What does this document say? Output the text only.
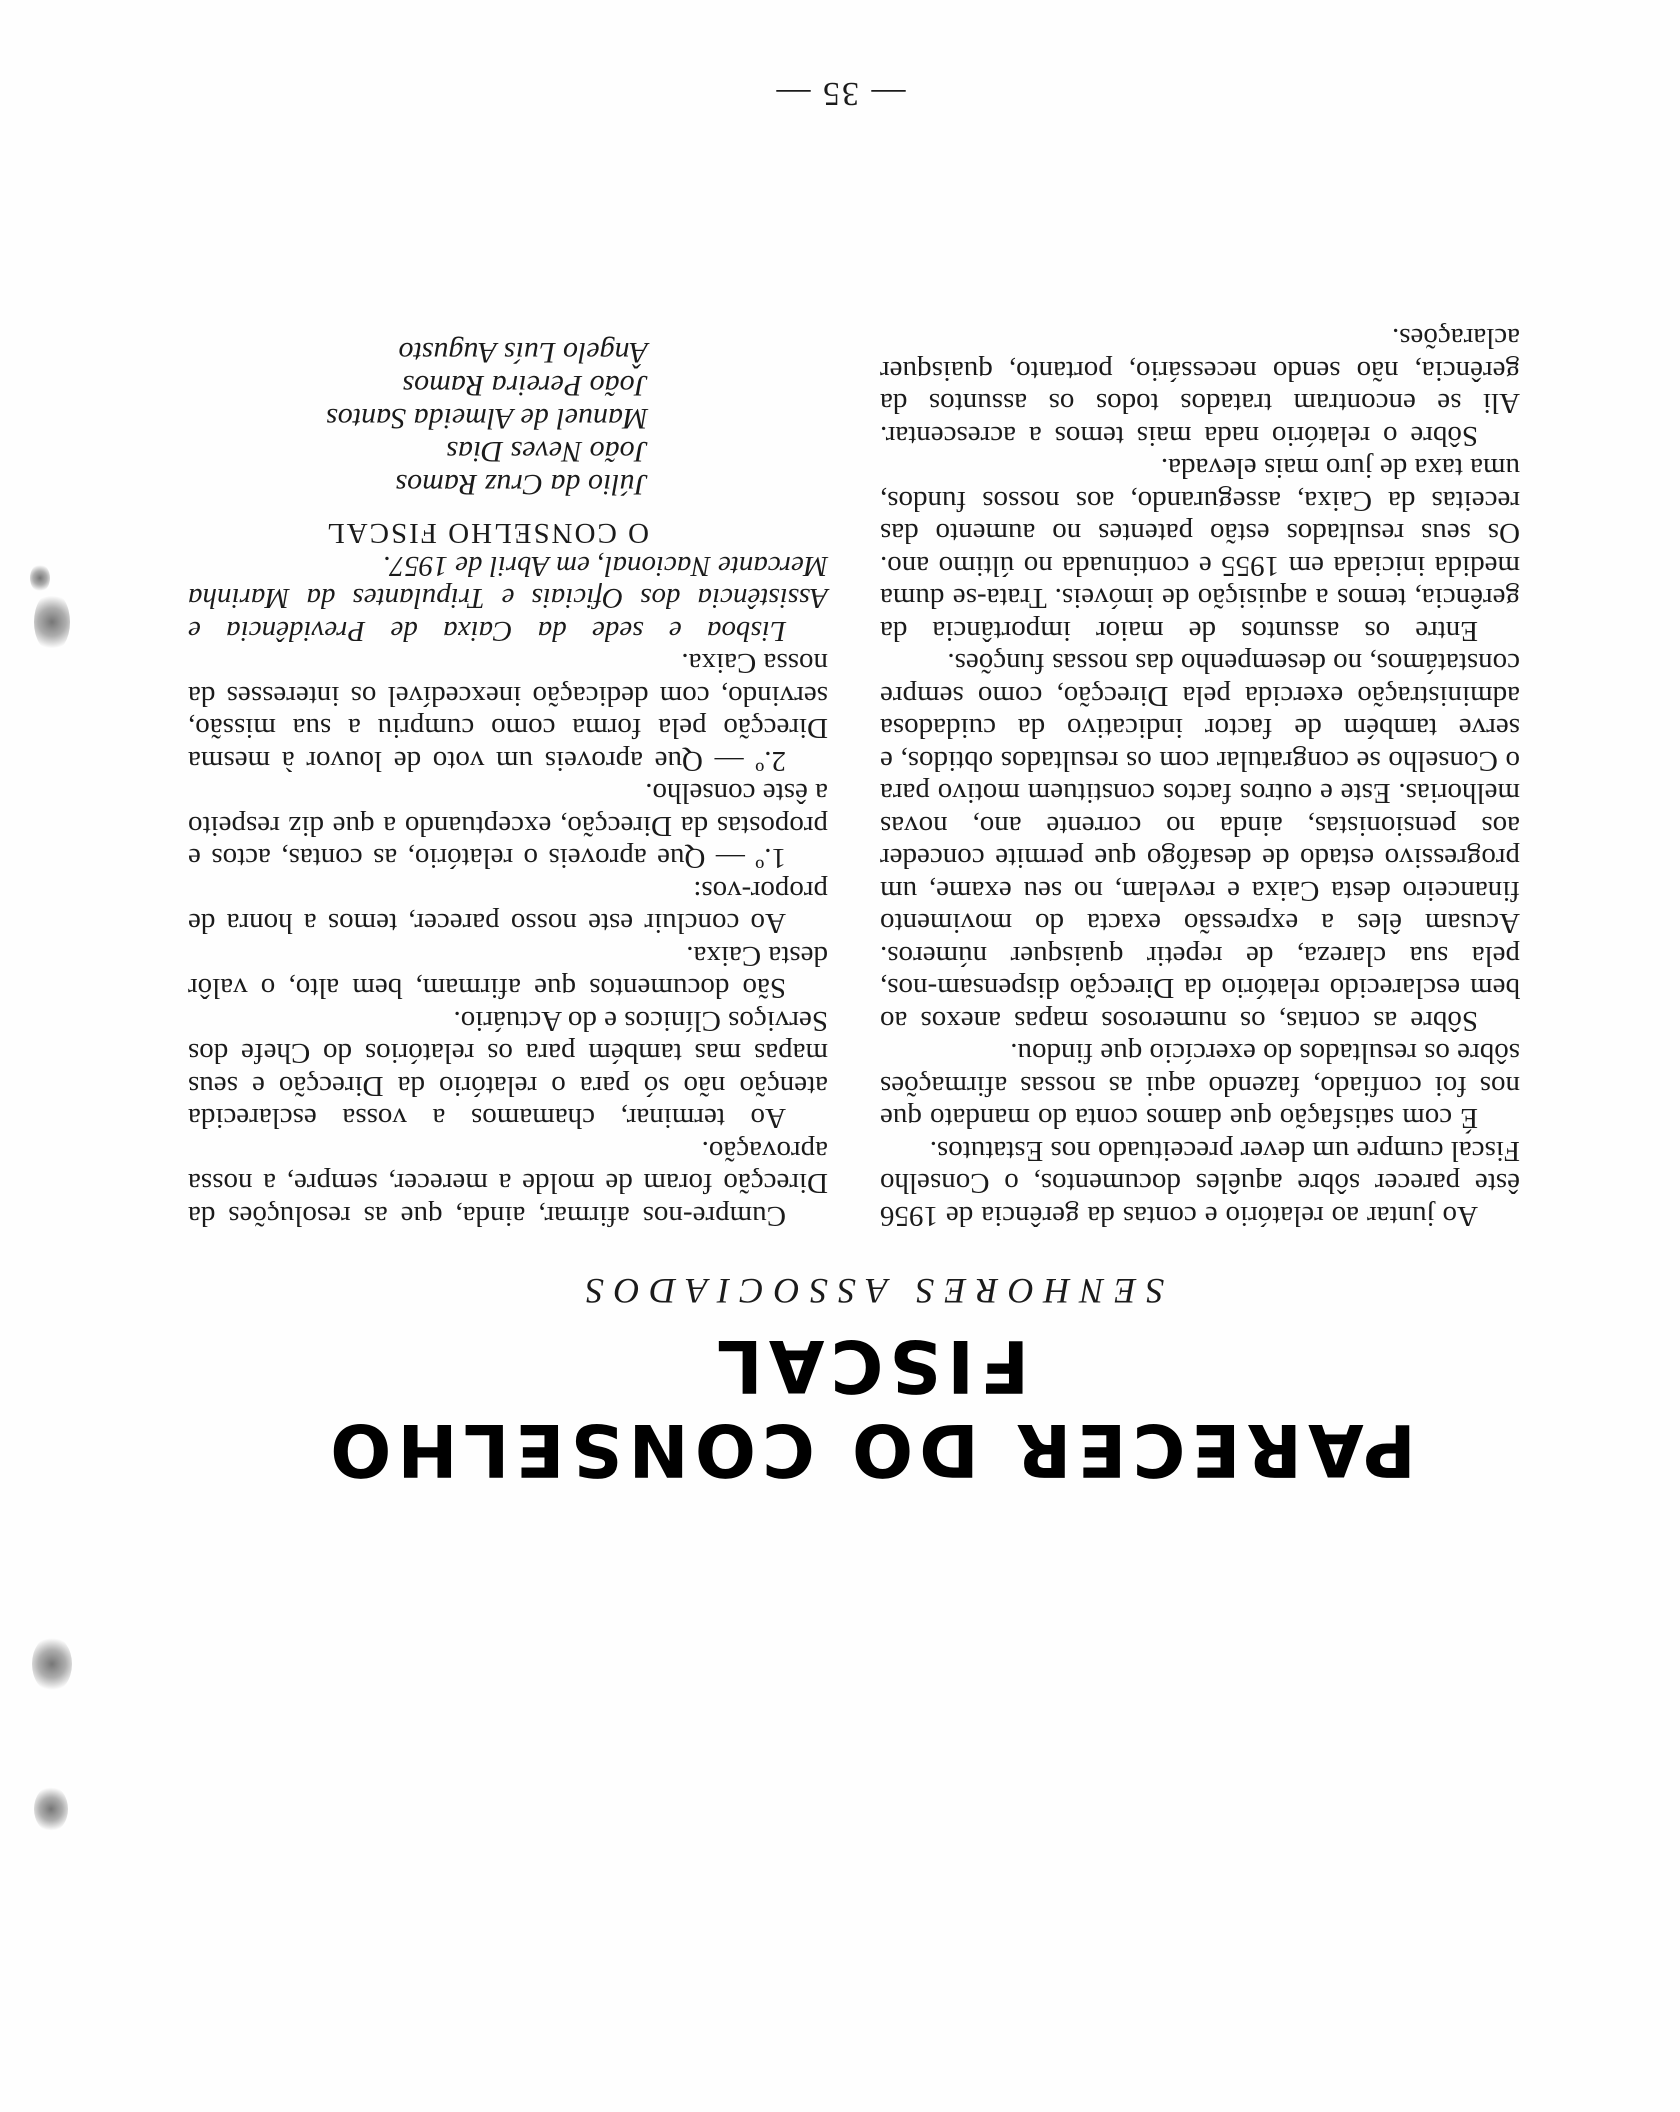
— 35 —
PARECER DO CONSELHO FISCAL
SENHORES ASSOCIADOS

Ao juntar ao relatório e contas da gerência de 1956 êste parecer sôbre aquêles documentos, o Conselho Fiscal cumpre um dever preceituado nos Estatutos.

É com satisfação que damos conta do mandato que nos foi confiado, fazendo aqui as nossas afirmações sôbre os resultados do exercício que findou.

Sôbre as contas, os numerosos mapas anexos ao bem esclarecido relatório da Direcção dispensam-nos, pela sua clareza, de repetir quaisquer números. Acusam êles a expressão exacta do movimento financeiro desta Caixa e revelam, no seu exame, um progressivo estado de desafôgo que permite conceder aos pensionistas, ainda no corrente ano, novas melhorias. Este e outros factos constituem motivo para o Conselho se congratular com os resultados obtidos, e serve também de factor indicativo da cuidadosa administração exercida pela Direcção, como sempre constatámos, no desempenho das nossas funções.

Entre os assuntos de maior importância da gerência, temos a aquisição de imóveis. Trata-se duma medida iniciada em 1955 e continuada no último ano. Os seus resultados estão patentes no aumento das receitas da Caixa, assegurando, aos nossos fundos, uma taxa de juro mais elevada.

Sôbre o relatório nada mais temos a acrescentar. Ali se encontram tratados todos os assuntos da gerência, não sendo necessário, portanto, quaisquer aclarações.

Cumpre-nos afirmar, ainda, que as resoluções da Direcção foram de molde a merecer, sempre, a nossa aprovação.

Ao terminar, chamamos a vossa esclarecida atenção não só para o relatório da Direcção e seus mapas mas também para os relatórios do Chefe dos Serviços Clínicos e do Actuário.

São documentos que afirmam, bem alto, o valôr desta Caixa.

Ao concluir este nosso parecer, temos a honra de propor-vos:

1.º — Que aproveis o relatório, as contas, actos e propostas da Direcção, exceptuando a que diz respeito a êste conselho.

2.º — Que aproveis um voto de louvor à mesma Direcção pela forma como cumpriu a sua missão, servindo, com dedicação inexcedível os interesses da nossa Caixa.

Lisboa e sede da Caixa de Previdência e Assistência dos Oficiais e Tripulantes da Marinha Mercante Nacional, em Abril de 1957.

O CONSELHO FISCAL

Júlio da Cruz Ramos
João Neves Dias
Manuel de Almeida Santos
João Pereira Ramos
Ângelo Luís Augusto
